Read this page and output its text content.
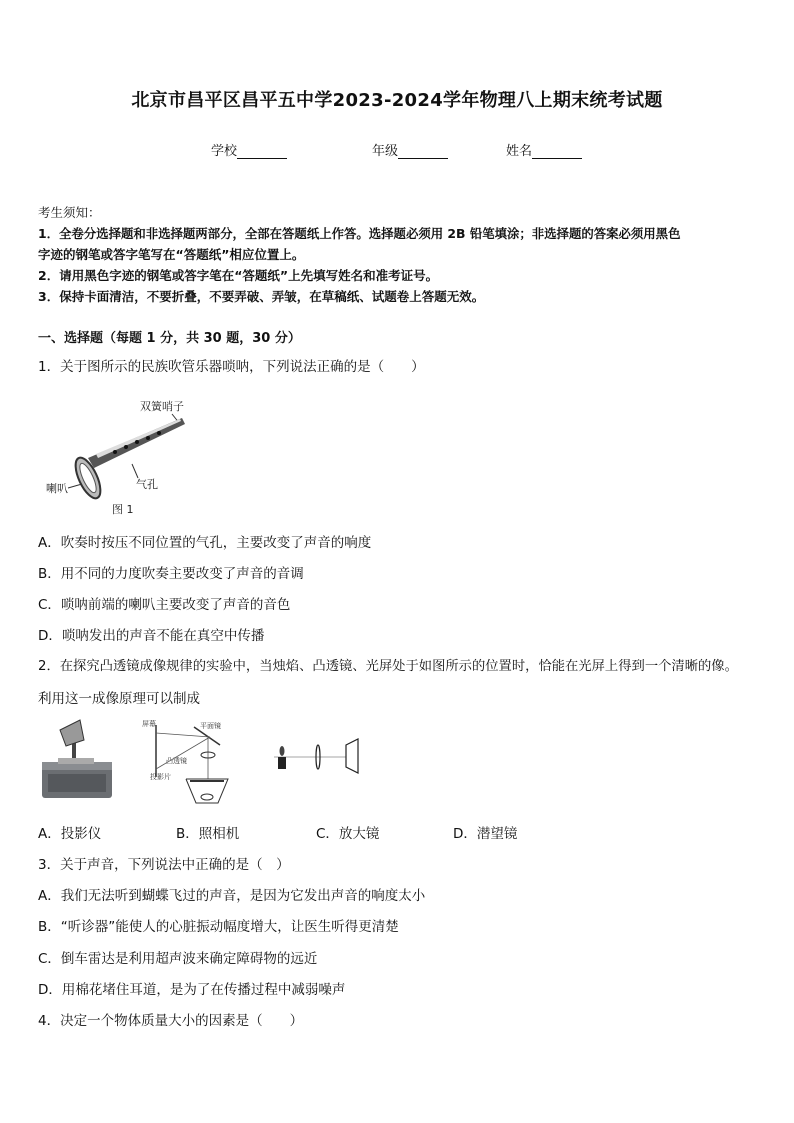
北京市昌平区昌平五中学2023-2024学年物理八上期末统考试题
学校	年级	姓名
考生须知：
1．全卷分选择题和非选择题两部分，全部在答题纸上作答。选择题必须用 2B 铅笔填涂；非选择题的答案必须用黑色
字迹的钢笔或答字笔写在“答题纸”相应位置上。
2．请用黑色字迹的钢笔或答字笔在“答题纸”上先填写姓名和准考证号。
3．保持卡面清洁，不要折叠，不要弄破、弄皱，在草稿纸、试题卷上答题无效。
一、选择题（每题 1 分，共 30 题，30 分）
1．关于图所示的民族吹管乐器唢呐，下列说法正确的是（　　）
双簧哨子
喇叭	气孔
图 1
A．吹奏时按压不同位置的气孔，主要改变了声音的响度
B．用不同的力度吹奏主要改变了声音的音调
C．唢呐前端的喇叭主要改变了声音的音色
D．唢呐发出的声音不能在真空中传播
2．在探究凸透镜成像规律的实验中，当烛焰、凸透镜、光屏处于如图所示的位置时，恰能在光屏上得到一个清晰的像。
利用这一成像原理可以制成
屏幕	平面镜
凸透镜
投影片
A．投影仪	B．照相机	C．放大镜	D．潜望镜
3．关于声音，下列说法中正确的是（　）
A．我们无法听到蝴蝶飞过的声音，是因为它发出声音的响度太小
B．“听诊器”能使人的心脏振动幅度增大，让医生听得更清楚
C．倒车雷达是利用超声波来确定障碍物的远近
D．用棉花堵住耳道，是为了在传播过程中减弱噪声
4．决定一个物体质量大小的因素是（　　）
